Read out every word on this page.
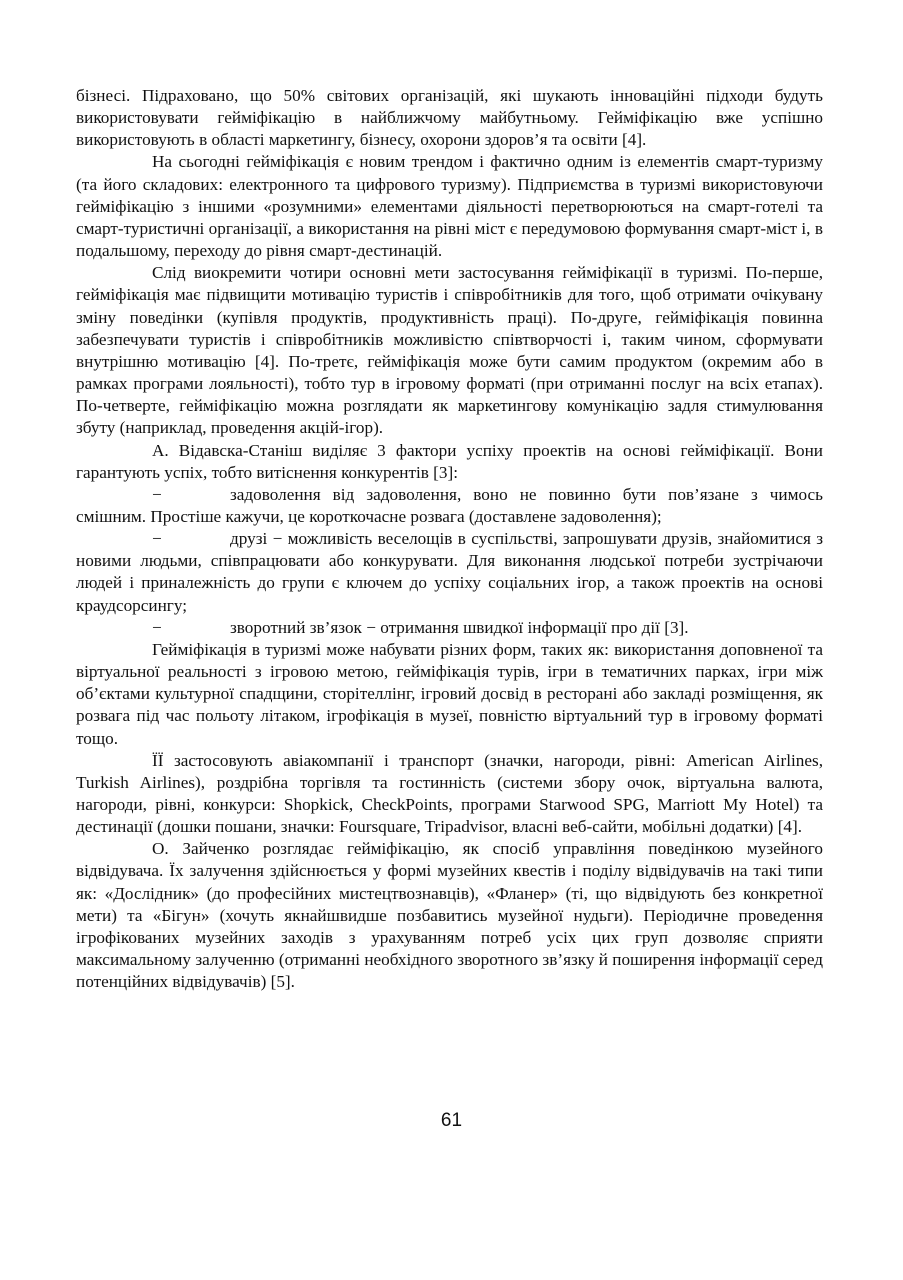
бізнесі. Підраховано, що 50% світових організацій, які шукають інноваційні підходи будуть використовувати гейміфікацію в найближчому майбутньому. Гейміфікацію вже успішно використовують в області маркетингу, бізнесу, охорони здоров’я та освіти [4].

На сьогодні гейміфікація є новим трендом і фактично одним із елементів смарт-туризму (та його складових: електронного та цифрового туризму). Підприємства в туризмі використовуючи гейміфікацію з іншими «розумними» елементами діяльності перетворюються на смарт-готелі та смарт-туристичні організації, а використання на рівні міст є передумовою формування смарт-міст і, в подальшому, переходу до рівня смарт-дестинацій.

Слід виокремити чотири основні мети застосування гейміфікації в туризмі. По-перше, гейміфікація має підвищити мотивацію туристів і співробітників для того, щоб отримати очікувану зміну поведінки (купівля продуктів, продуктивність праці). По-друге, гейміфікація повинна забезпечувати туристів і співробітників можливістю співтворчості і, таким чином, сформувати внутрішню мотивацію [4]. По-третє, гейміфікація може бути самим продуктом (окремим або в рамках програми лояльності), тобто тур в ігровому форматі (при отриманні послуг на всіх етапах). По-четверте, гейміфікацію можна розглядати як маркетингову комунікацію задля стимулювання збуту (наприклад, проведення акцій-ігор).

А. Відавска-Станіш виділяє 3 фактори успіху проектів на основі гейміфікації. Вони гарантують успіх, тобто витіснення конкурентів [3]:

−	задоволення від задоволення, воно не повинно бути пов’язане з чимось смішним. Простіше кажучи, це короткочасне розвага (доставлене задоволення);

−	друзі − можливість веселощів в суспільстві, запрошувати друзів, знайомитися з новими людьми, співпрацювати або конкурувати. Для виконання людської потреби зустрічаючи людей і приналежність до групи є ключем до успіху соціальних ігор, а також проектів на основі краудсорсингу;

−	зворотний зв’язок − отримання швидкої інформації про дії [3].

Гейміфікація в туризмі може набувати різних форм, таких як: використання доповненої та віртуальної реальності з ігровою метою, гейміфікація турів, ігри в тематичних парках, ігри між об’єктами культурної спадщини, сторітеллінг, ігровий досвід в ресторані або закладі розміщення, як розвага під час польоту літаком, ігрофікація в музеї, повністю віртуальний тур в ігровому форматі тощо.

ЇЇ застосовують авіакомпанії і транспорт (значки, нагороди, рівні: American Airlines, Turkish Airlines), роздрібна торгівля та гостинність (системи збору очок, віртуальна валюта, нагороди, рівні, конкурси: Shopkick, CheckPoints, програми Starwood SPG, Marriott My Hotel) та дестинації (дошки пошани, значки: Foursquare, Tripadvisor, власні веб-сайти, мобільні додатки) [4].

О. Зайченко розглядає гейміфікацію, як спосіб управління поведінкою музейного відвідувача. Їх залучення здійснюється у формі музейних квестів і поділу відвідувачів на такі типи як: «Дослідник» (до професійних мистецтвознавців), «Фланер» (ті, що відвідують без конкретної мети) та «Бігун» (хочуть якнайшвидше позбавитись музейної нудьги). Періодичне проведення ігрофікованих музейних заходів з урахуванням потреб усіх цих груп дозволяє сприяти максимальному залученню (отриманні необхідного зворотного зв’язку й поширення інформації серед потенційних відвідувачів) [5].

61
